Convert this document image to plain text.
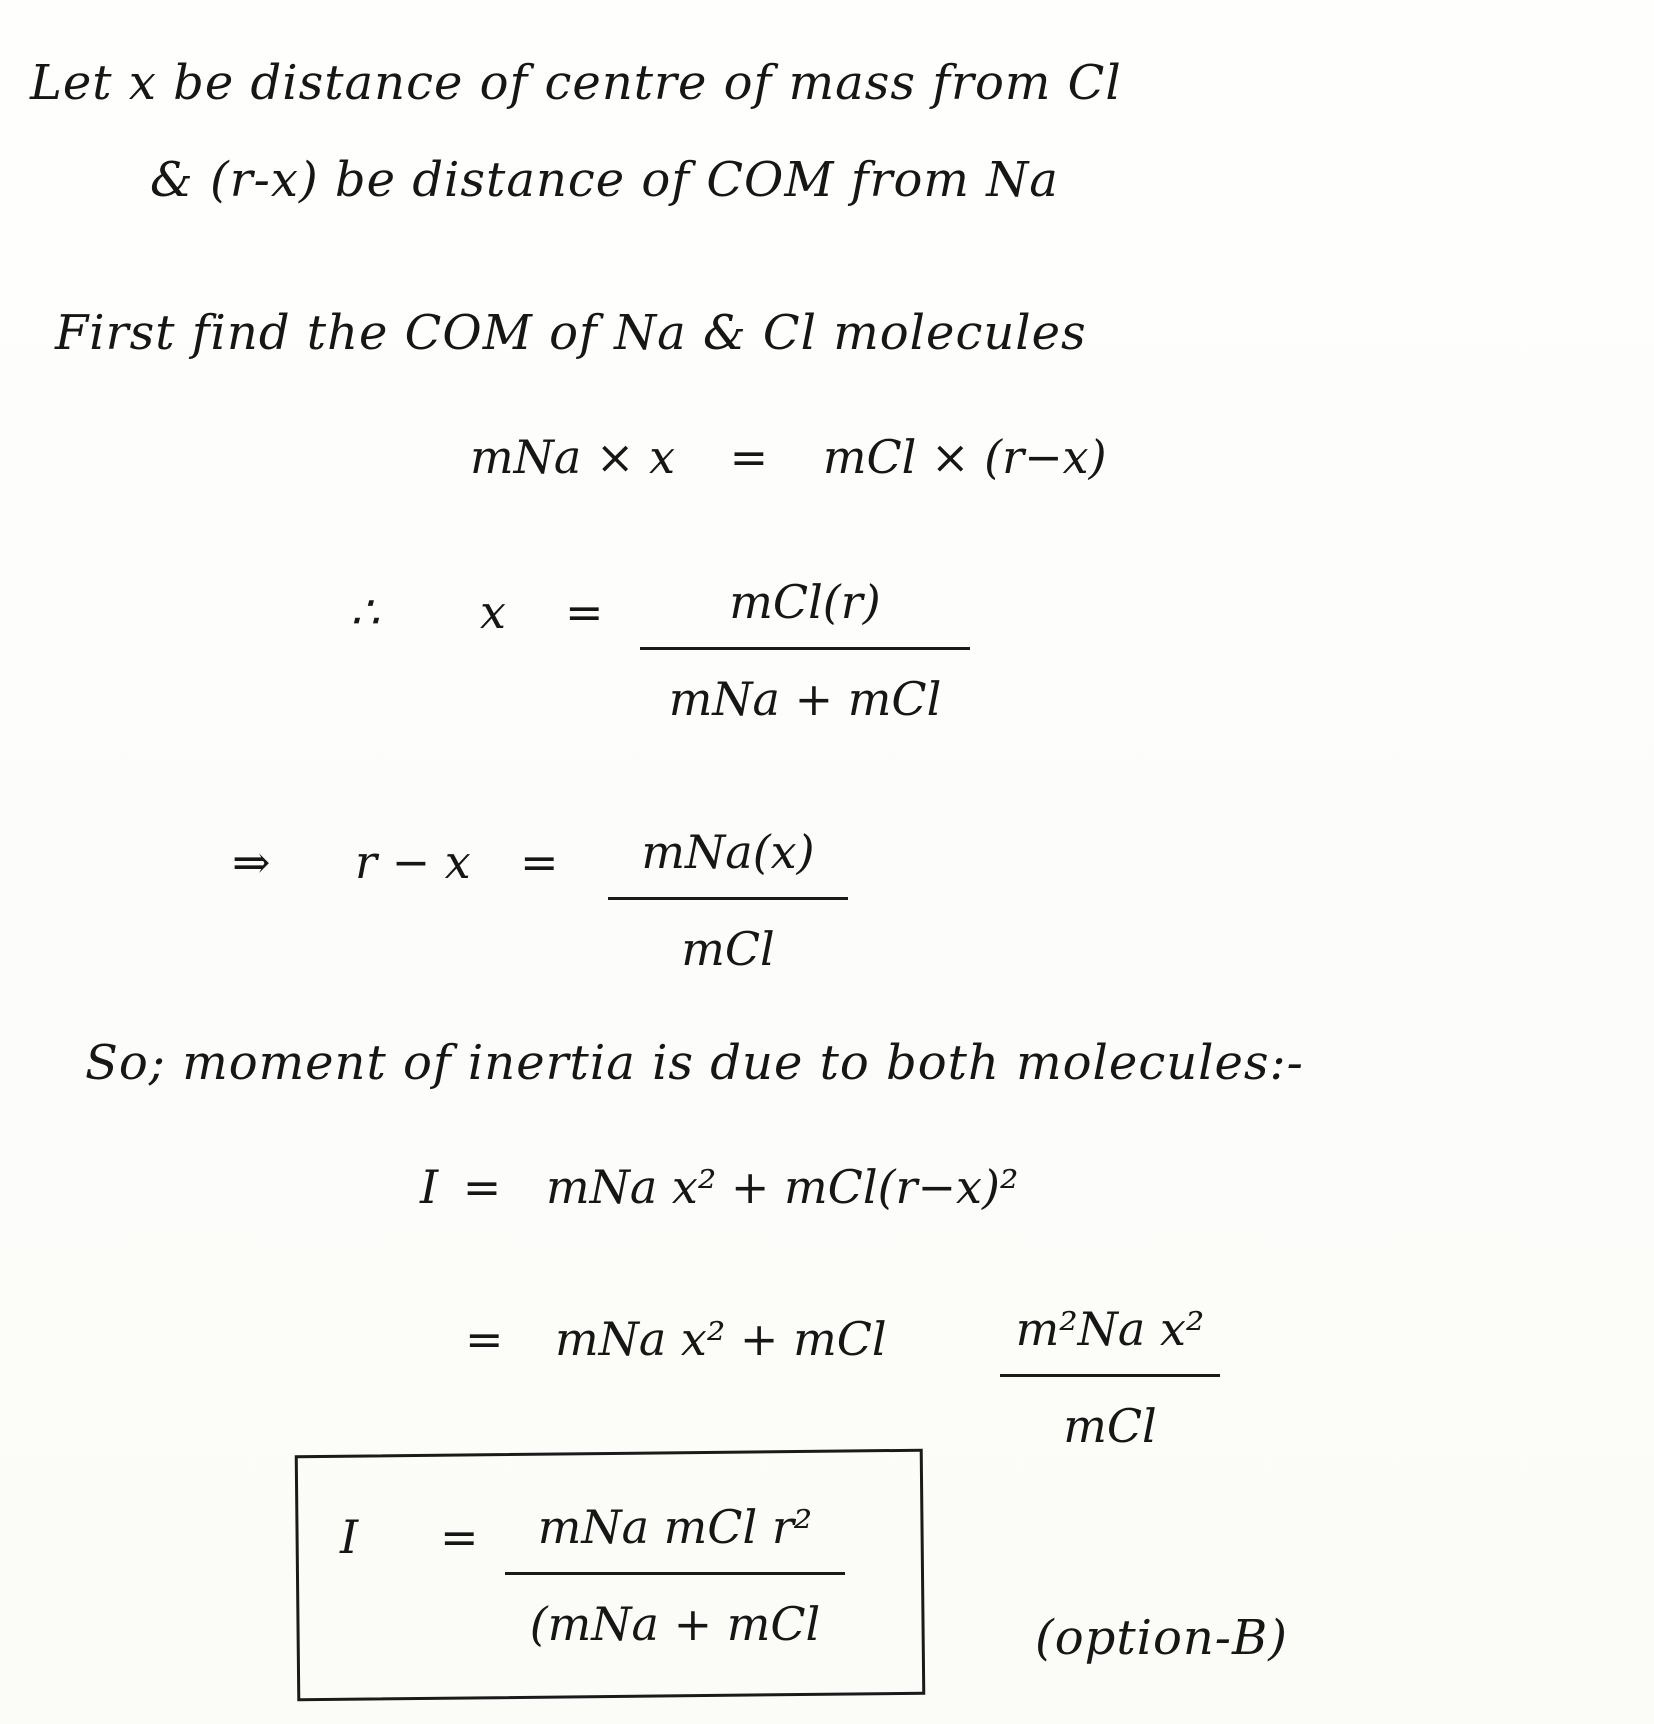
Let x be distance of centre of mass from Cl
& (r-x) be distance of COM from Na
First find the COM of Na & Cl molecules
mNa × x = mCl × (r−x)
∴ x =	mCl(r)
mNa + mCl
⇒ r − x = mNa(x)
mCl
So; moment of inertia is due to both molecules:-
I = mNa x² + mCl(r−x)²
= mNa x² + mCl	m²Na x²
mCl
I = mNa mCl r²
(mNa + mCl	(option-B)
